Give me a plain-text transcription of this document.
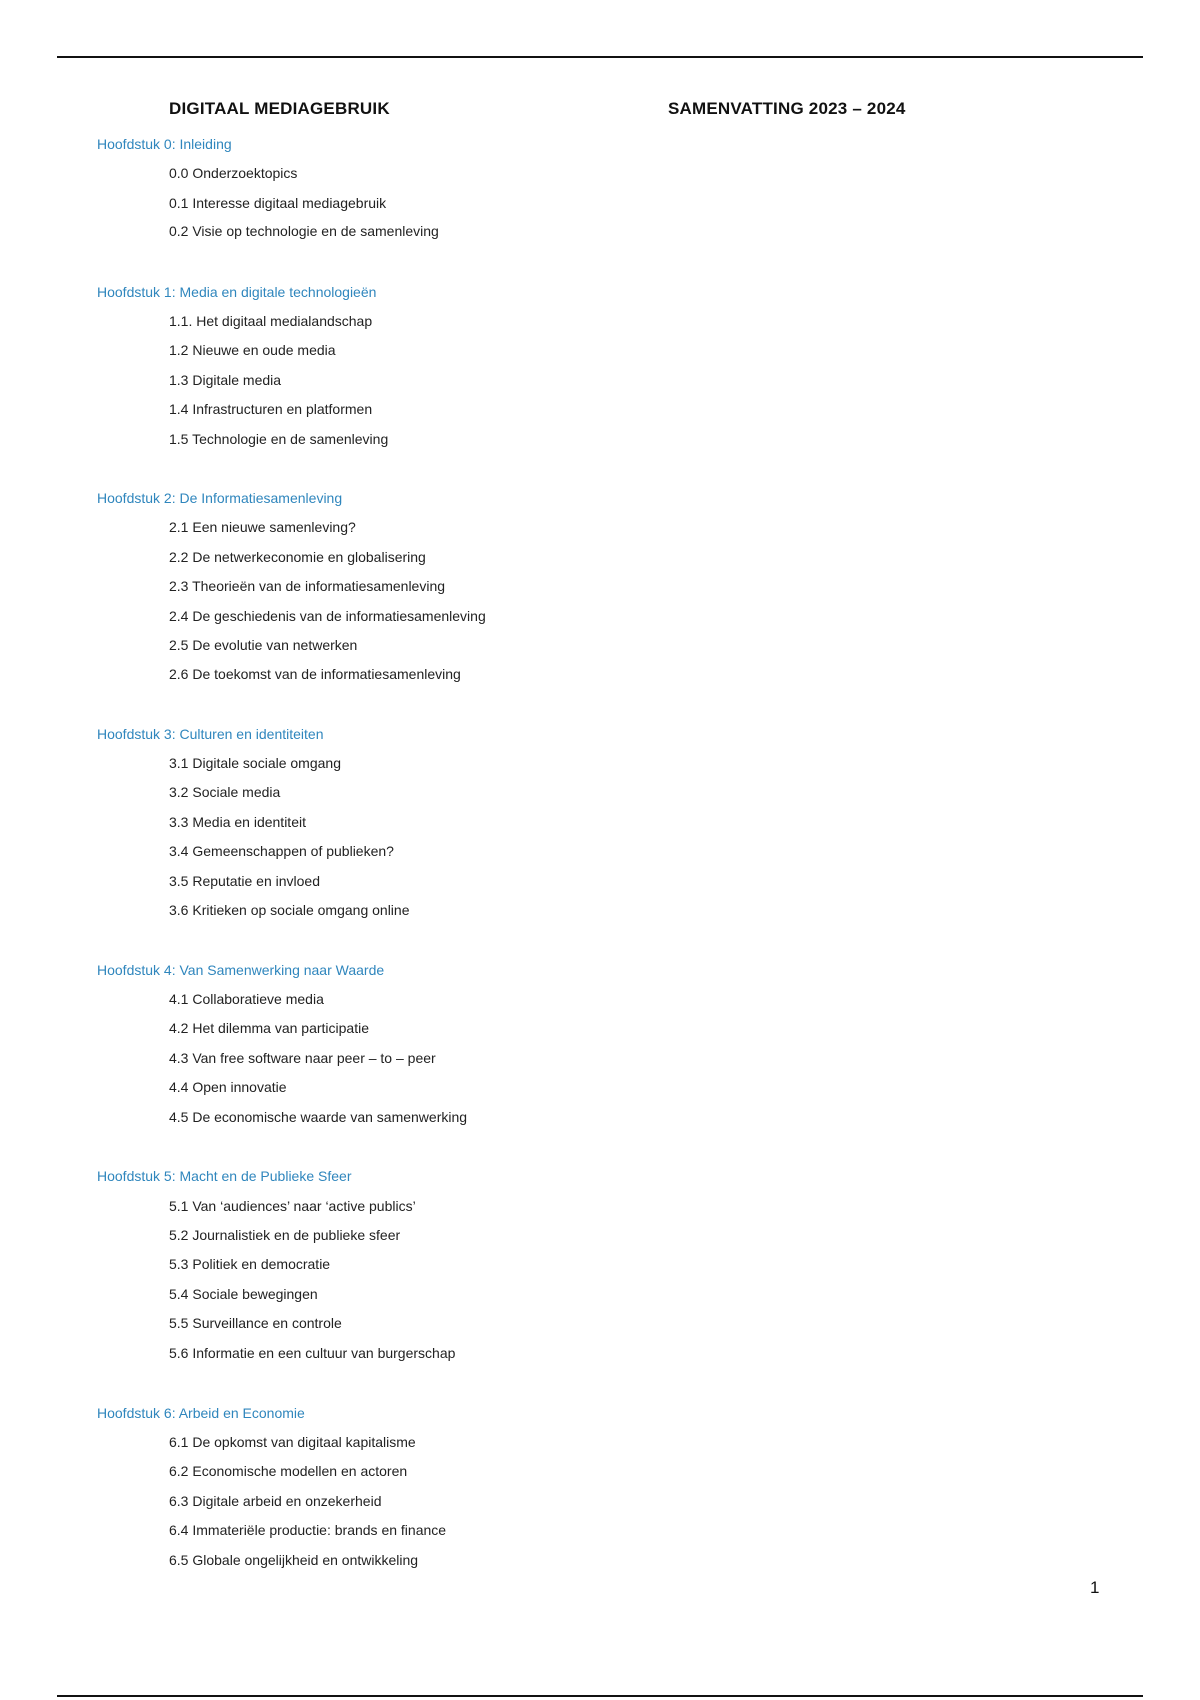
DIGITAAL MEDIAGEBRUIK	SAMENVATTING 2023 – 2024
Hoofdstuk 0: Inleiding
0.0 Onderzoektopics
0.1 Interesse digitaal mediagebruik
0.2 Visie op technologie en de samenleving
Hoofdstuk 1: Media en digitale technologieën
1.1. Het digitaal medialandschap
1.2 Nieuwe en oude media
1.3 Digitale media
1.4 Infrastructuren en platformen
1.5 Technologie en de samenleving
Hoofdstuk 2: De Informatiesamenleving
2.1 Een nieuwe samenleving?
2.2 De netwerkeconomie en globalisering
2.3 Theorieën van de informatiesamenleving
2.4 De geschiedenis van de informatiesamenleving
2.5 De evolutie van netwerken
2.6 De toekomst van de informatiesamenleving
Hoofdstuk 3: Culturen en identiteiten
3.1 Digitale sociale omgang
3.2 Sociale media
3.3 Media en identiteit
3.4 Gemeenschappen of publieken?
3.5 Reputatie en invloed
3.6 Kritieken op sociale omgang online
Hoofdstuk 4: Van Samenwerking naar Waarde
4.1 Collaboratieve media
4.2 Het dilemma van participatie
4.3 Van free software naar peer – to – peer
4.4 Open innovatie
4.5 De economische waarde van samenwerking
Hoofdstuk 5: Macht en de Publieke Sfeer
5.1 Van ‘audiences’ naar ‘active publics’
5.2 Journalistiek en de publieke sfeer
5.3 Politiek en democratie
5.4 Sociale bewegingen
5.5 Surveillance en controle
5.6 Informatie en een cultuur van burgerschap
Hoofdstuk 6: Arbeid en Economie
6.1 De opkomst van digitaal kapitalisme
6.2 Economische modellen en actoren
6.3 Digitale arbeid en onzekerheid
6.4 Immateriële productie: brands en finance
6.5 Globale ongelijkheid en ontwikkeling
1
